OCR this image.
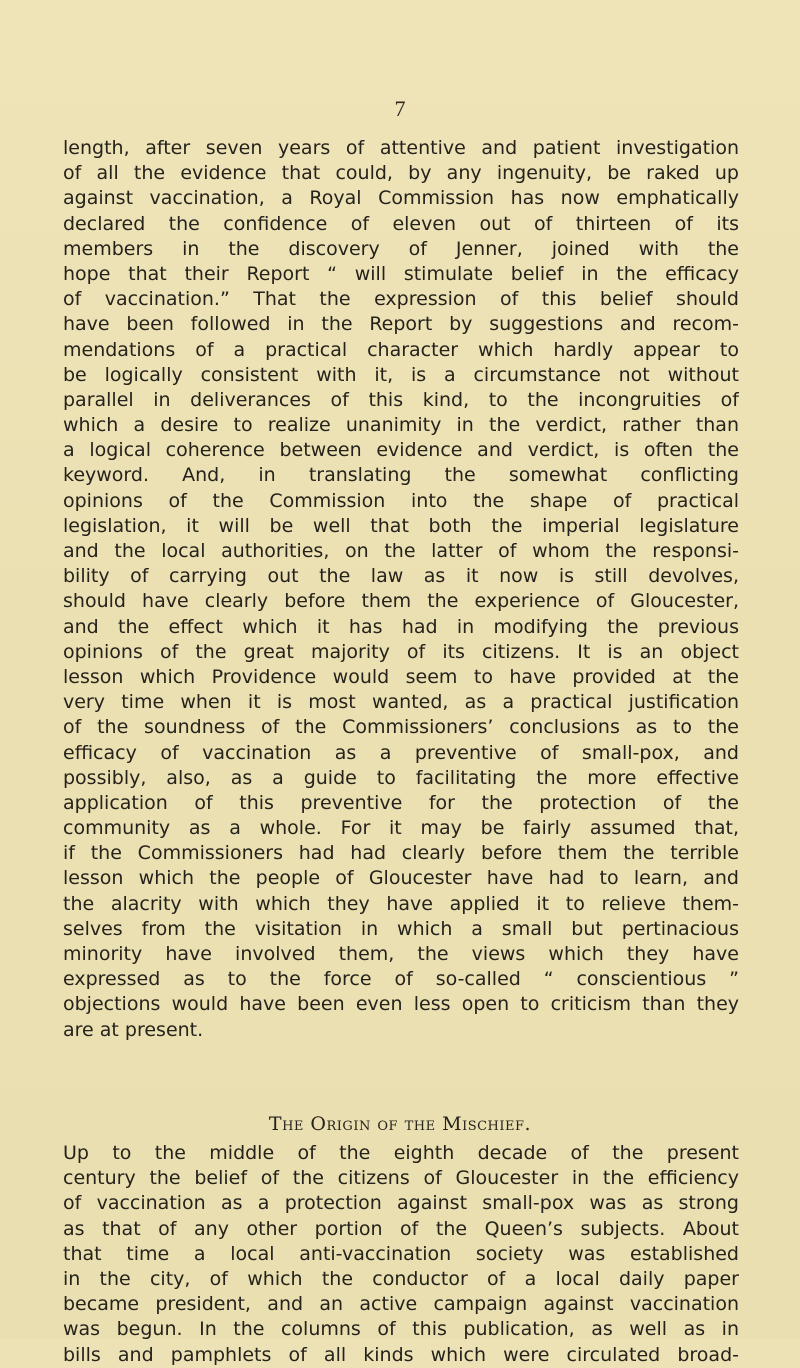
7
length, after seven years of attentive and patient investigation
of all the evidence that could, by any ingenuity, be raked up
against vaccination, a Royal Commission has now emphatically
declared the confidence of eleven out of thirteen of its
members in the discovery of Jenner, joined with the
hope that their Report “ will stimulate belief in the efficacy
of vaccination.” That the expression of this belief should
have been followed in the Report by suggestions and recom-
mendations of a practical character which hardly appear to
be logically consistent with it, is a circumstance not without
parallel in deliverances of this kind, to the incongruities of
which a desire to realize unanimity in the verdict, rather than
a logical coherence between evidence and verdict, is often the
keyword. And, in translating the somewhat conflicting
opinions of the Commission into the shape of practical
legislation, it will be well that both the imperial legislature
and the local authorities, on the latter of whom the responsi-
bility of carrying out the law as it now is still devolves,
should have clearly before them the experience of Gloucester,
and the effect which it has had in modifying the previous
opinions of the great majority of its citizens. It is an object
lesson which Providence would seem to have provided at the
very time when it is most wanted, as a practical justification
of the soundness of the Commissioners’ conclusions as to the
efficacy of vaccination as a preventive of small-pox, and
possibly, also, as a guide to facilitating the more effective
application of this preventive for the protection of the
community as a whole. For it may be fairly assumed that,
if the Commissioners had had clearly before them the terrible
lesson which the people of Gloucester have had to learn, and
the alacrity with which they have applied it to relieve them-
selves from the visitation in which a small but pertinacious
minority have involved them, the views which they have
expressed as to the force of so-called “ conscientious ”
objections would have been even less open to criticism than they
are at present.
The Origin of the Mischief.
Up to the middle of the eighth decade of the present
century the belief of the citizens of Gloucester in the efficiency
of vaccination as a protection against small-pox was as strong
as that of any other portion of the Queen’s subjects. About
that time a local anti-vaccination society was established
in the city, of which the conductor of a local daily paper
became president, and an active campaign against vaccination
was begun. In the columns of this publication, as well as in
bills and pamphlets of all kinds which were circulated broad-
